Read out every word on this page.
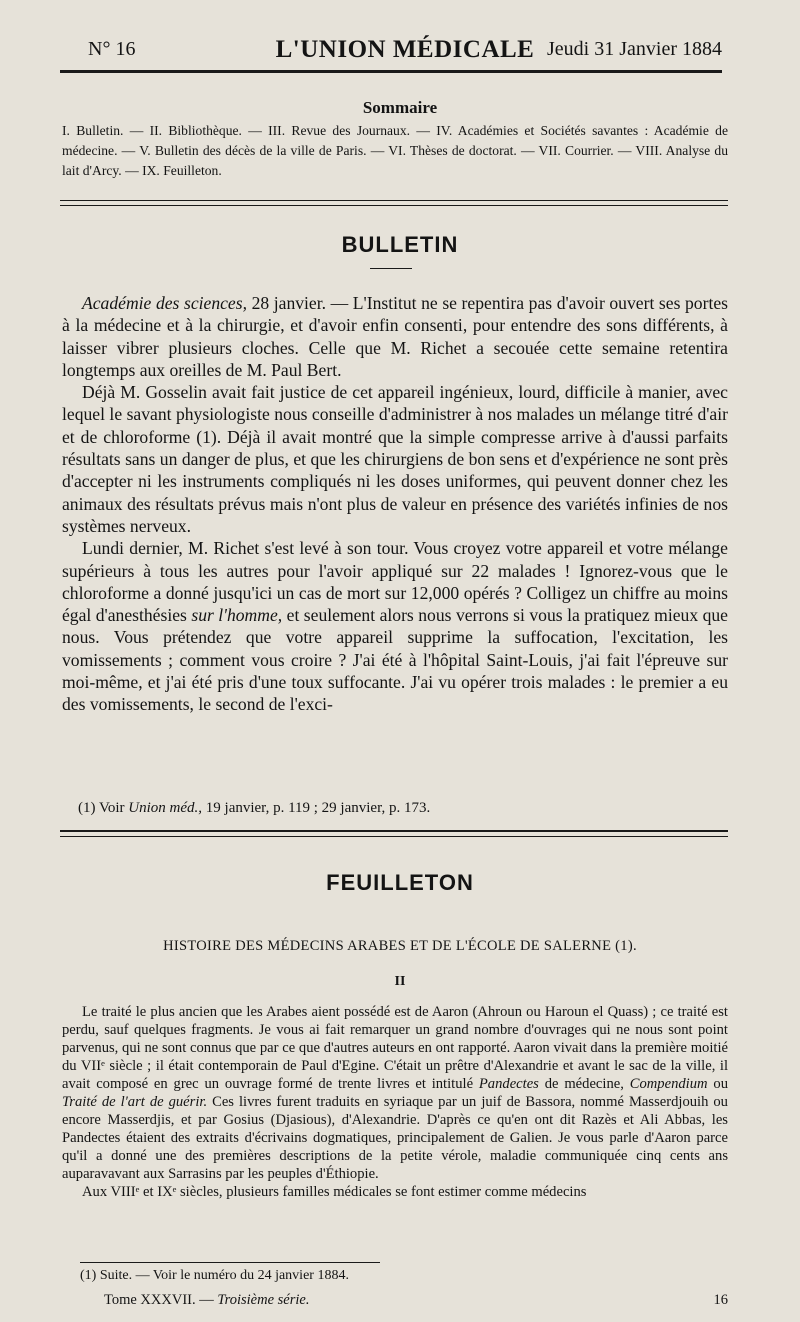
N° 16	L'UNION MÉDICALE Jeudi 31 Janvier 1884
Sommaire
I. Bulletin. — II. Bibliothèque. — III. Revue des Journaux. — IV. Académies et Sociétés savantes : Académie de médecine. — V. Bulletin des décès de la ville de Paris. — VI. Thèses de doctorat. — VII. Courrier. — VIII. Analyse du lait d'Arcy. — IX. Feuilleton.
BULLETIN

Académie des sciences, 28 janvier. — L'Institut ne se repentira pas d'avoir ouvert ses portes à la médecine et à la chirurgie, et d'avoir enfin consenti, pour entendre des sons différents, à laisser vibrer plusieurs cloches. Celle que M. Richet a secouée cette semaine retentira longtemps aux oreilles de M. Paul Bert.

Déjà M. Gosselin avait fait justice de cet appareil ingénieux, lourd, difficile à manier, avec lequel le savant physiologiste nous conseille d'administrer à nos malades un mélange titré d'air et de chloroforme (1). Déjà il avait montré que la simple compresse arrive à d'aussi parfaits résultats sans un danger de plus, et que les chirurgiens de bon sens et d'expérience ne sont près d'accepter ni les instruments compliqués ni les doses uniformes, qui peuvent donner chez les animaux des résultats prévus mais n'ont plus de valeur en présence des variétés infinies de nos systèmes nerveux.

Lundi dernier, M. Richet s'est levé à son tour. Vous croyez votre appareil et votre mélange supérieurs à tous les autres pour l'avoir appliqué sur 22 malades ! Ignorez-vous que le chloroforme a donné jusqu'ici un cas de mort sur 12,000 opérés ? Colligez un chiffre au moins égal d'anesthésies sur l'homme, et seulement alors nous verrons si vous la pratiquez mieux que nous. Vous prétendez que votre appareil supprime la suffocation, l'excitation, les vomissements ; comment vous croire ? J'ai été à l'hôpital Saint-Louis, j'ai fait l'épreuve sur moi-même, et j'ai été pris d'une toux suffocante. J'ai vu opérer trois malades : le premier a eu des vomissements, le second de l'exci-

(1) Voir Union méd., 19 janvier, p. 119 ; 29 janvier, p. 173.
FEUILLETON
HISTOIRE DES MÉDECINS ARABES ET DE L'ÉCOLE DE SALERNE (1).
II

Le traité le plus ancien que les Arabes aient possédé est de Aaron (Ahroun ou Haroun el Quass) ; ce traité est perdu, sauf quelques fragments. Je vous ai fait remarquer un grand nombre d'ouvrages qui ne nous sont point parvenus, qui ne sont connus que par ce que d'autres auteurs en ont rapporté. Aaron vivait dans la première moitié du VIIᵉ siècle ; il était contemporain de Paul d'Egine. C'était un prêtre d'Alexandrie et avant le sac de la ville, il avait composé en grec un ouvrage formé de trente livres et intitulé Pandectes de médecine, Compendium ou Traité de l'art de guérir. Ces livres furent traduits en syriaque par un juif de Bassora, nommé Masserdjouih ou encore Masserdjis, et par Gosius (Djasious), d'Alexandrie. D'après ce qu'en ont dit Razès et Ali Abbas, les Pandectes étaient des extraits d'écrivains dogmatiques, principalement de Galien. Je vous parle d'Aaron parce qu'il a donné une des premières descriptions de la petite vérole, maladie communiquée cinq cents ans auparavavant aux Sarrasins par les peuples d'Éthiopie.

Aux VIIIᵉ et IXᵉ siècles, plusieurs familles médicales se font estimer comme médecins

(1) Suite. — Voir le numéro du 24 janvier 1884.
Tome XXXVII. — Troisième série.	16
